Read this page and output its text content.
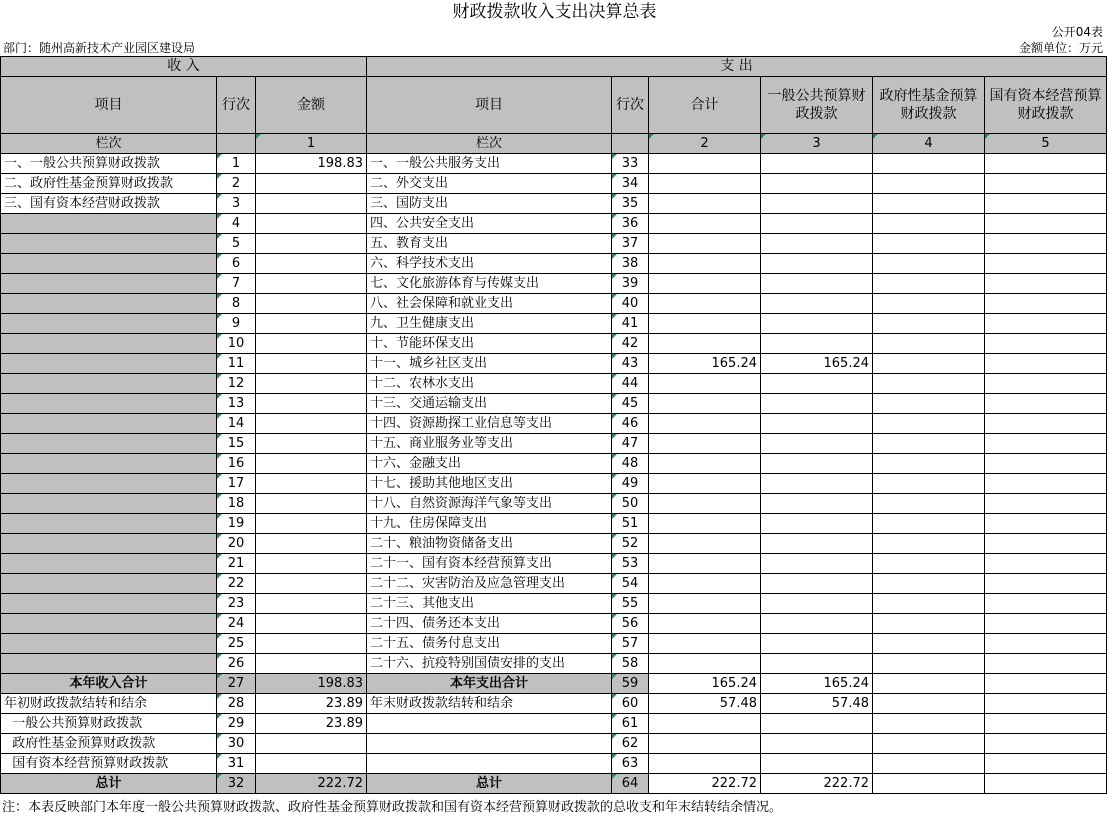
财政拨款收入支出决算总表
公开04表
部门：随州高新技术产业园区建设局	金额单位：万元
收 入			支 出					
项目	行次	金额	项目	行次	合计	一般公共预算财政拨款	政府性基金预算财政拨款	国有资本经营预算财政拨款
栏次		1	栏次		2	3	4	5
一、一般公共预算财政拨款	1	198.83	一、一般公共服务支出	33				
二、政府性基金预算财政拨款	2		二、外交支出	34				
三、国有资本经营财政拨款	3		三、国防支出	35				
	4		四、公共安全支出	36				
	5		五、教育支出	37				
	6		六、科学技术支出	38				
	7		七、文化旅游体育与传媒支出	39				
	8		八、社会保障和就业支出	40				
	9		九、卫生健康支出	41				
	10		十、节能环保支出	42				
	11		十一、城乡社区支出	43	165.24	165.24		
	12		十二、农林水支出	44				
	13		十三、交通运输支出	45				
	14		十四、资源勘探工业信息等支出	46				
	15		十五、商业服务业等支出	47				
	16		十六、金融支出	48				
	17		十七、援助其他地区支出	49				
	18		十八、自然资源海洋气象等支出	50				
	19		十九、住房保障支出	51				
	20		二十、粮油物资储备支出	52				
	21		二十一、国有资本经营预算支出	53				
	22		二十二、灾害防治及应急管理支出	54				
	23		二十三、其他支出	55				
	24		二十四、债务还本支出	56				
	25		二十五、债务付息支出	57				
	26		二十六、抗疫特别国债安排的支出	58				
本年收入合计	27	198.83	本年支出合计	59	165.24	165.24		
年初财政拨款结转和结余	28	23.89	年末财政拨款结转和结余	60	57.48	57.48		
一般公共预算财政拨款	29	23.89		61				
政府性基金预算财政拨款	30			62				
国有资本经营预算财政拨款	31			63				
总计	32	222.72	总计	64	222.72	222.72		
注：本表反映部门本年度一般公共预算财政拨款、政府性基金预算财政拨款和国有资本经营预算财政拨款的总收支和年末结转结余情况。
